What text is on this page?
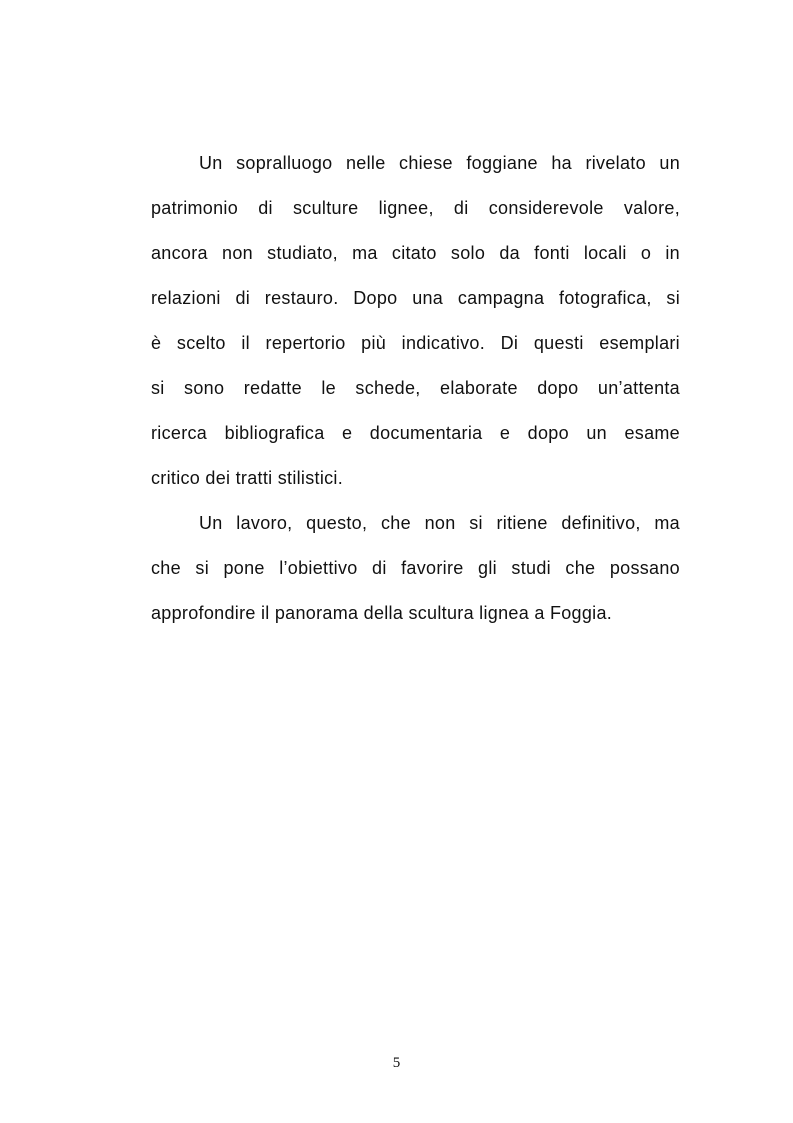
Un sopralluogo nelle chiese foggiane ha rivelato un
patrimonio di sculture lignee, di considerevole valore,
ancora non studiato, ma citato solo da fonti locali o in
relazioni di restauro. Dopo una campagna fotografica, si
è scelto il repertorio più indicativo. Di questi esemplari
si sono redatte le schede, elaborate dopo un’attenta
ricerca bibliografica e documentaria e dopo un esame
critico dei tratti stilistici.

Un lavoro, questo, che non si ritiene definitivo, ma
che si pone l’obiettivo di favorire gli studi che possano
approfondire il panorama della scultura lignea a Foggia.

5
